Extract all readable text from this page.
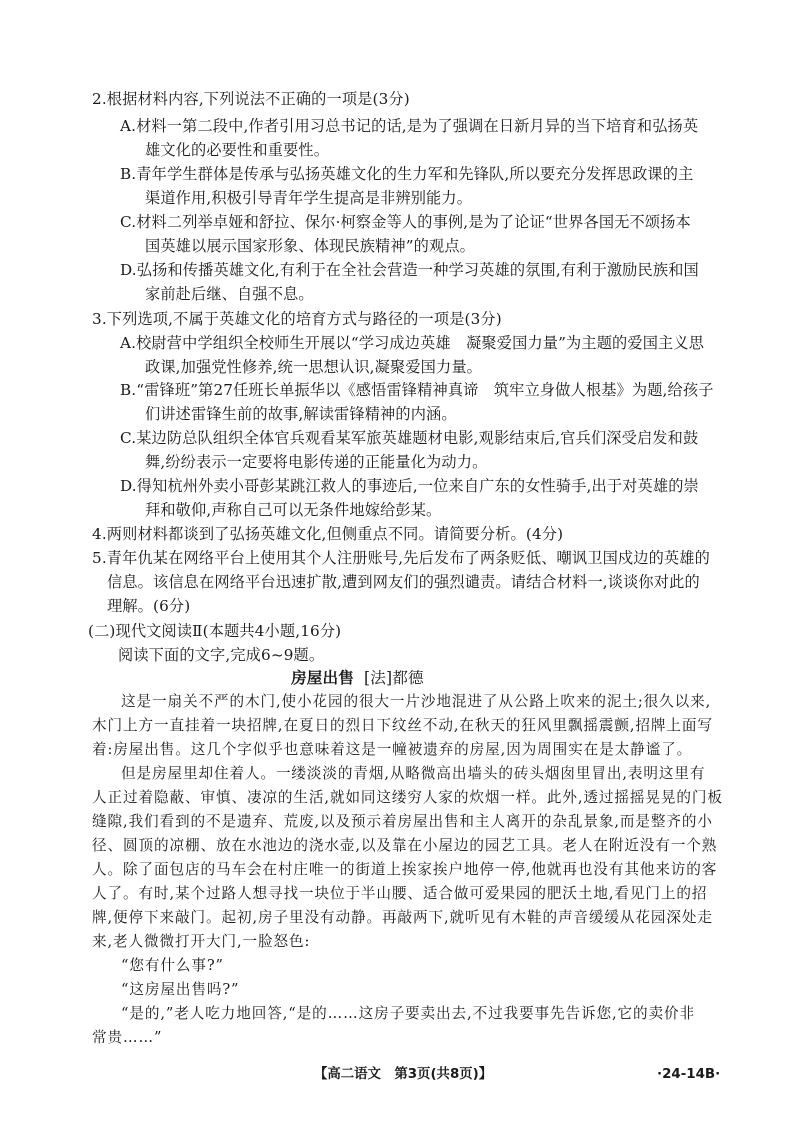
2.根据材料内容,下列说法不正确的一项是(3分)
A.材料一第二段中,作者引用习总书记的话,是为了强调在日新月异的当下培育和弘扬英
雄文化的必要性和重要性。
B.青年学生群体是传承与弘扬英雄文化的生力军和先锋队,所以要充分发挥思政课的主
渠道作用,积极引导青年学生提高是非辨别能力。
C.材料二列举卓娅和舒拉、保尔·柯察金等人的事例,是为了论证“世界各国无不颂扬本
国英雄以展示国家形象、体现民族精神”的观点。
D.弘扬和传播英雄文化,有利于在全社会营造一种学习英雄的氛围,有利于激励民族和国
家前赴后继、自强不息。
3.下列选项,不属于英雄文化的培育方式与路径的一项是(3分)
A.校尉营中学组织全校师生开展以“学习成边英雄　凝聚爱国力量”为主题的爱国主义思
政课,加强党性修养,统一思想认识,凝聚爱国力量。
B.“雷锋班”第27任班长单振华以《感悟雷锋精神真谛　筑牢立身做人根基》为题,给孩子
们讲述雷锋生前的故事,解读雷锋精神的内涵。
C.某边防总队组织全体官兵观看某军旅英雄题材电影,观影结束后,官兵们深受启发和鼓
舞,纷纷表示一定要将电影传递的正能量化为动力。
D.得知杭州外卖小哥彭某跳江救人的事迹后,一位来自广东的女性骑手,出于对英雄的崇
拜和敬仰,声称自己可以无条件地嫁给彭某。
4.两则材料都谈到了弘扬英雄文化,但侧重点不同。请简要分析。(4分)
5.青年仇某在网络平台上使用其个人注册账号,先后发布了两条贬低、嘲讽卫国戍边的英雄的
信息。该信息在网络平台迅速扩散,遭到网友们的强烈谴责。请结合材料一,谈谈你对此的
理解。(6分)
(二)现代文阅读Ⅱ(本题共4小题,16分)
阅读下面的文字,完成6~9题。
房屋出售 [法]都德
这是一扇关不严的木门,使小花园的很大一片沙地混进了从公路上吹来的泥土;很久以来,
木门上方一直挂着一块招牌,在夏日的烈日下纹丝不动,在秋天的狂风里飘摇震颤,招牌上面写
着:房屋出售。这几个字似乎也意味着这是一幢被遗弃的房屋,因为周围实在是太静谧了。
但是房屋里却住着人。一缕淡淡的青烟,从略微高出墙头的砖头烟囱里冒出,表明这里有
人正过着隐蔽、审慎、凄凉的生活,就如同这缕穷人家的炊烟一样。此外,透过摇摇晃晃的门板
缝隙,我们看到的不是遗弃、荒废,以及预示着房屋出售和主人离开的杂乱景象,而是整齐的小
径、圆顶的凉棚、放在水池边的浇水壶,以及靠在小屋边的园艺工具。老人在附近没有一个熟
人。除了面包店的马车会在村庄唯一的街道上挨家挨户地停一停,他就再也没有其他来访的客
人了。有时,某个过路人想寻找一块位于半山腰、适合做可爱果园的肥沃土地,看见门上的招
牌,便停下来敲门。起初,房子里没有动静。再敲两下,就听见有木鞋的声音缓缓从花园深处走
来,老人微微打开大门,一脸怒色:
“您有什么事?”
“这房屋出售吗?”
“是的,”老人吃力地回答,“是的……这房子要卖出去,不过我要事先告诉您,它的卖价非
常贵……”
【高二语文　第3页(共8页)】	·24-14B·
